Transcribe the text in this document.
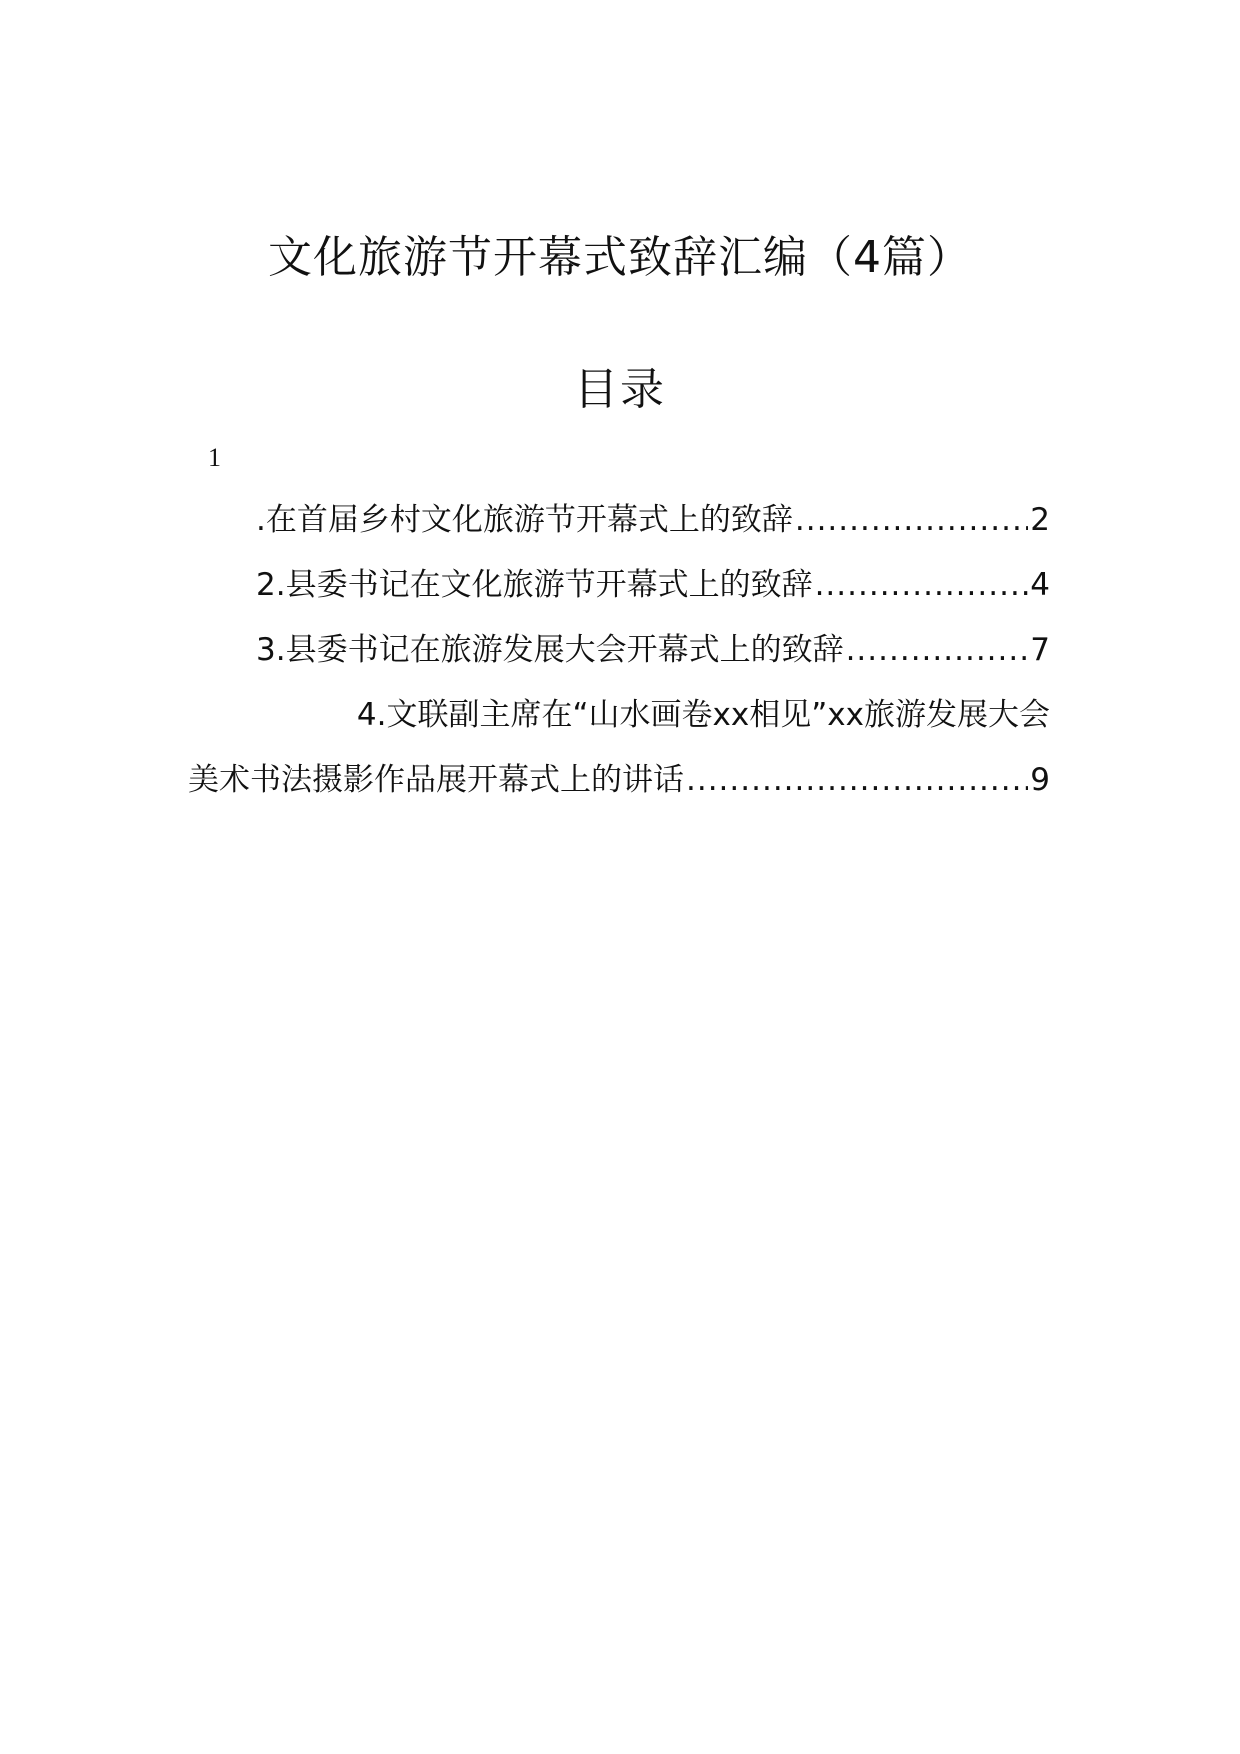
文化旅游节开幕式致辞汇编（4篇）
目录
1
.在首届乡村文化旅游节开幕式上的致辞 .....	2
2.县委书记在文化旅游节开幕式上的致辞 .....	4
3.县委书记在旅游发展大会开幕式上的致辞 .....	7
4.文联副主席在“山水画卷xx相见”xx旅游发展大会
美术书法摄影作品展开幕式上的讲话 .....	9
